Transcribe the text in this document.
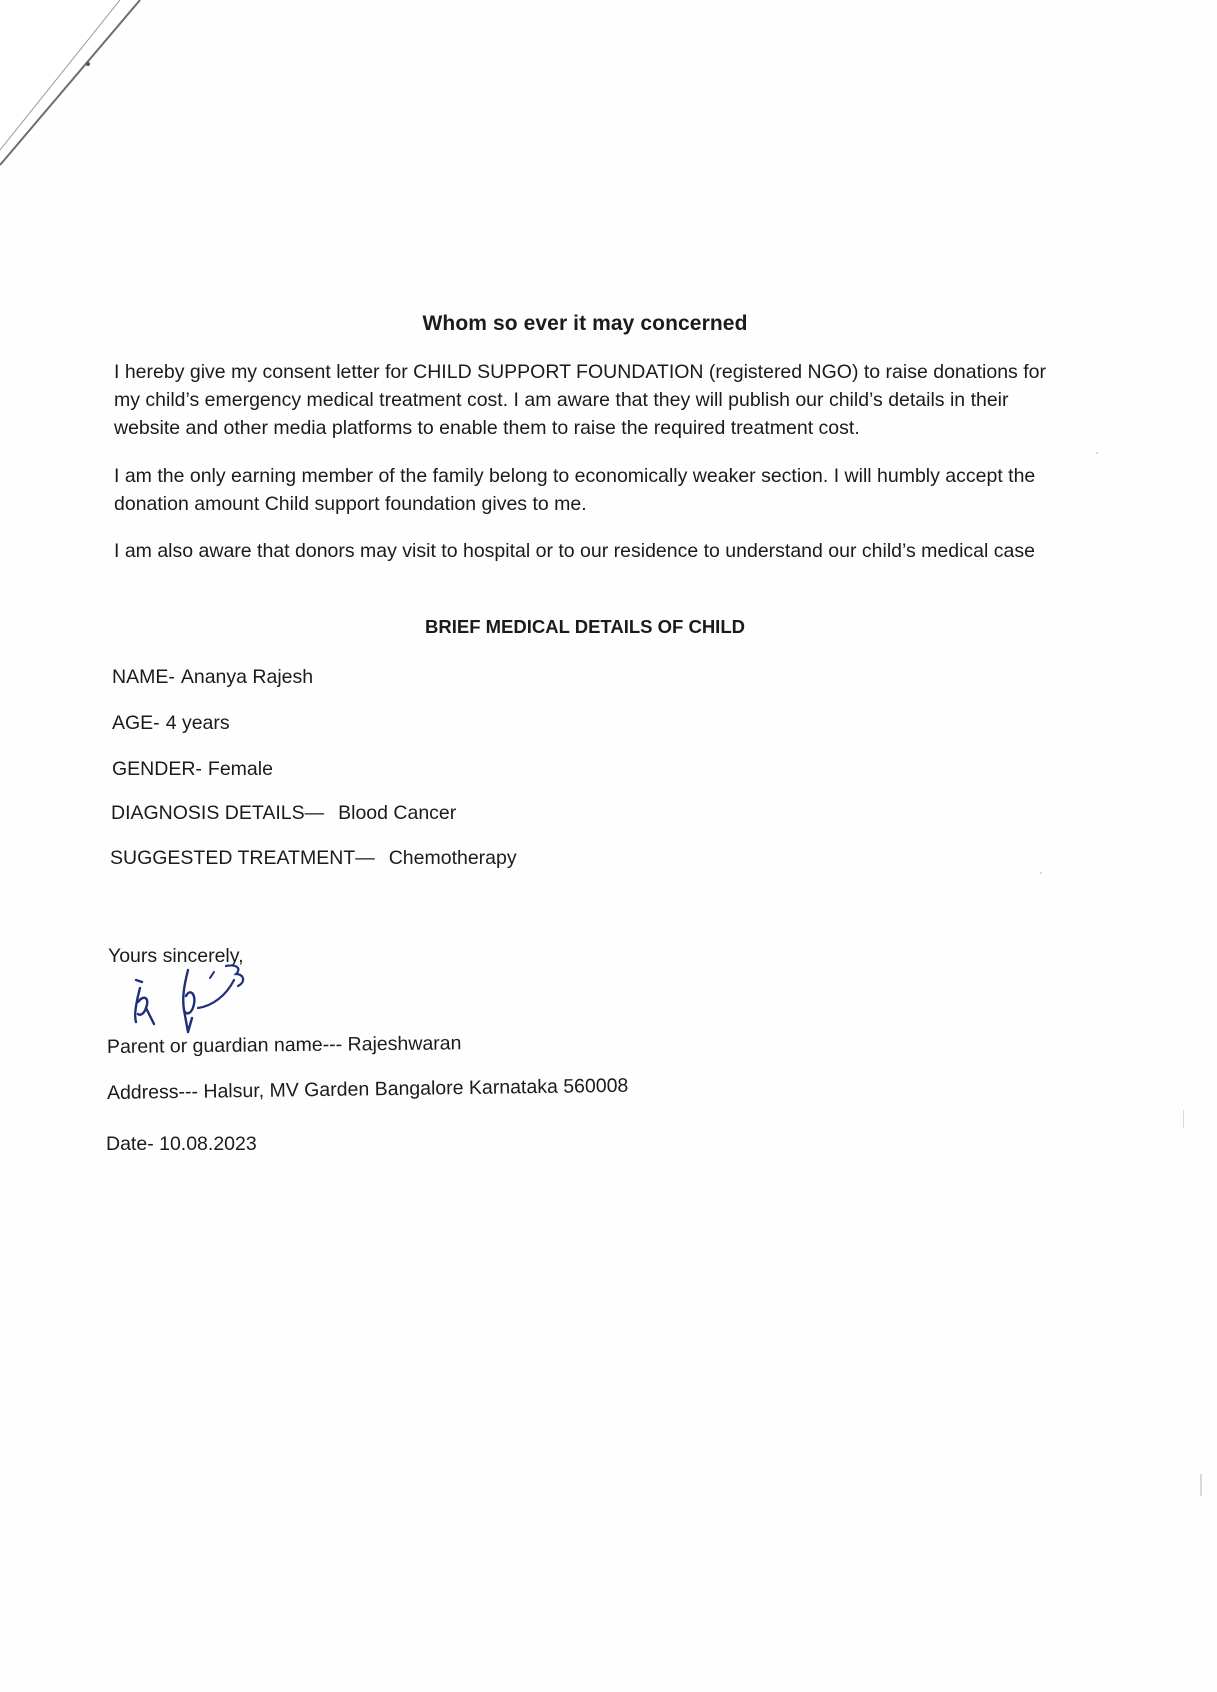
Whom so ever it may concerned
I hereby give my consent letter for CHILD SUPPORT FOUNDATION (registered NGO) to raise donations for my child’s emergency medical treatment cost. I am aware that they will publish our child’s details in their website and other media platforms to enable them to raise the required treatment cost.
I am the only earning member of the family belong to economically weaker section. I will humbly accept the donation amount Child support foundation gives to me.
I am also aware that donors may visit to hospital or to our residence to understand our child’s medical case
BRIEF MEDICAL DETAILS OF CHILD
NAME- Ananya Rajesh
AGE- 4 years
GENDER- Female
DIAGNOSIS DETAILS— Blood Cancer
SUGGESTED TREATMENT— Chemotherapy
Yours sincerely,
Parent or guardian name--- Rajeshwaran
Address--- Halsur, MV Garden Bangalore Karnataka 560008
Date- 10.08.2023
